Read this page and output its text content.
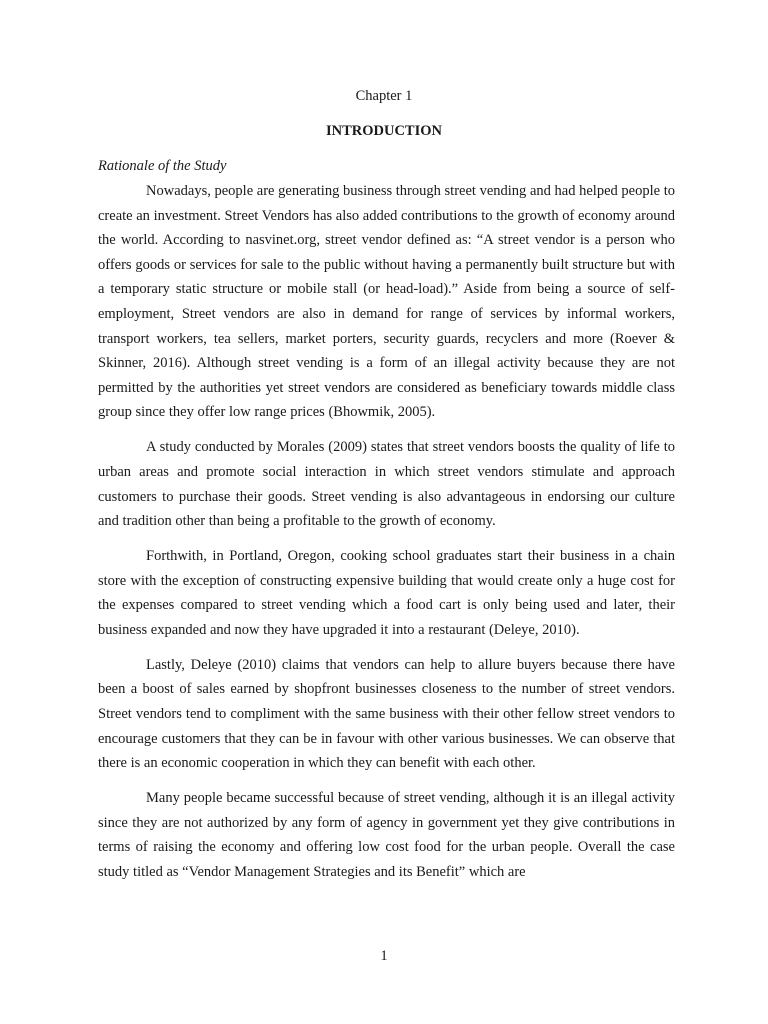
Chapter 1
INTRODUCTION
Rationale of the Study

Nowadays, people are generating business through street vending and had helped people to create an investment. Street Vendors has also added contributions to the growth of economy around the world. According to nasvinet.org, street vendor defined as: “A street vendor is a person who offers goods or services for sale to the public without having a permanently built structure but with a temporary static structure or mobile stall (or head-load).” Aside from being a source of self-employment, Street vendors are also in demand for range of services by informal workers, transport workers, tea sellers, market porters, security guards, recyclers and more (Roever & Skinner, 2016). Although street vending is a form of an illegal activity because they are not permitted by the authorities yet street vendors are considered as beneficiary towards middle class group since they offer low range prices (Bhowmik, 2005).

A study conducted by Morales (2009) states that street vendors boosts the quality of life to urban areas and promote social interaction in which street vendors stimulate and approach customers to purchase their goods. Street vending is also advantageous in endorsing our culture and tradition other than being a profitable to the growth of economy.

Forthwith, in Portland, Oregon, cooking school graduates start their business in a chain store with the exception of constructing expensive building that would create only a huge cost for the expenses compared to street vending which a food cart is only being used and later, their business expanded and now they have upgraded it into a restaurant (Deleye, 2010).

Lastly, Deleye (2010) claims that vendors can help to allure buyers because there have been a boost of sales earned by shopfront businesses closeness to the number of street vendors. Street vendors tend to compliment with the same business with their other fellow street vendors to encourage customers that they can be in favour with other various businesses. We can observe that there is an economic cooperation in which they can benefit with each other.

Many people became successful because of street vending, although it is an illegal activity since they are not authorized by any form of agency in government yet they give contributions in terms of raising the economy and offering low cost food for the urban people. Overall the case study titled as “Vendor Management Strategies and its Benefit” which are

1
